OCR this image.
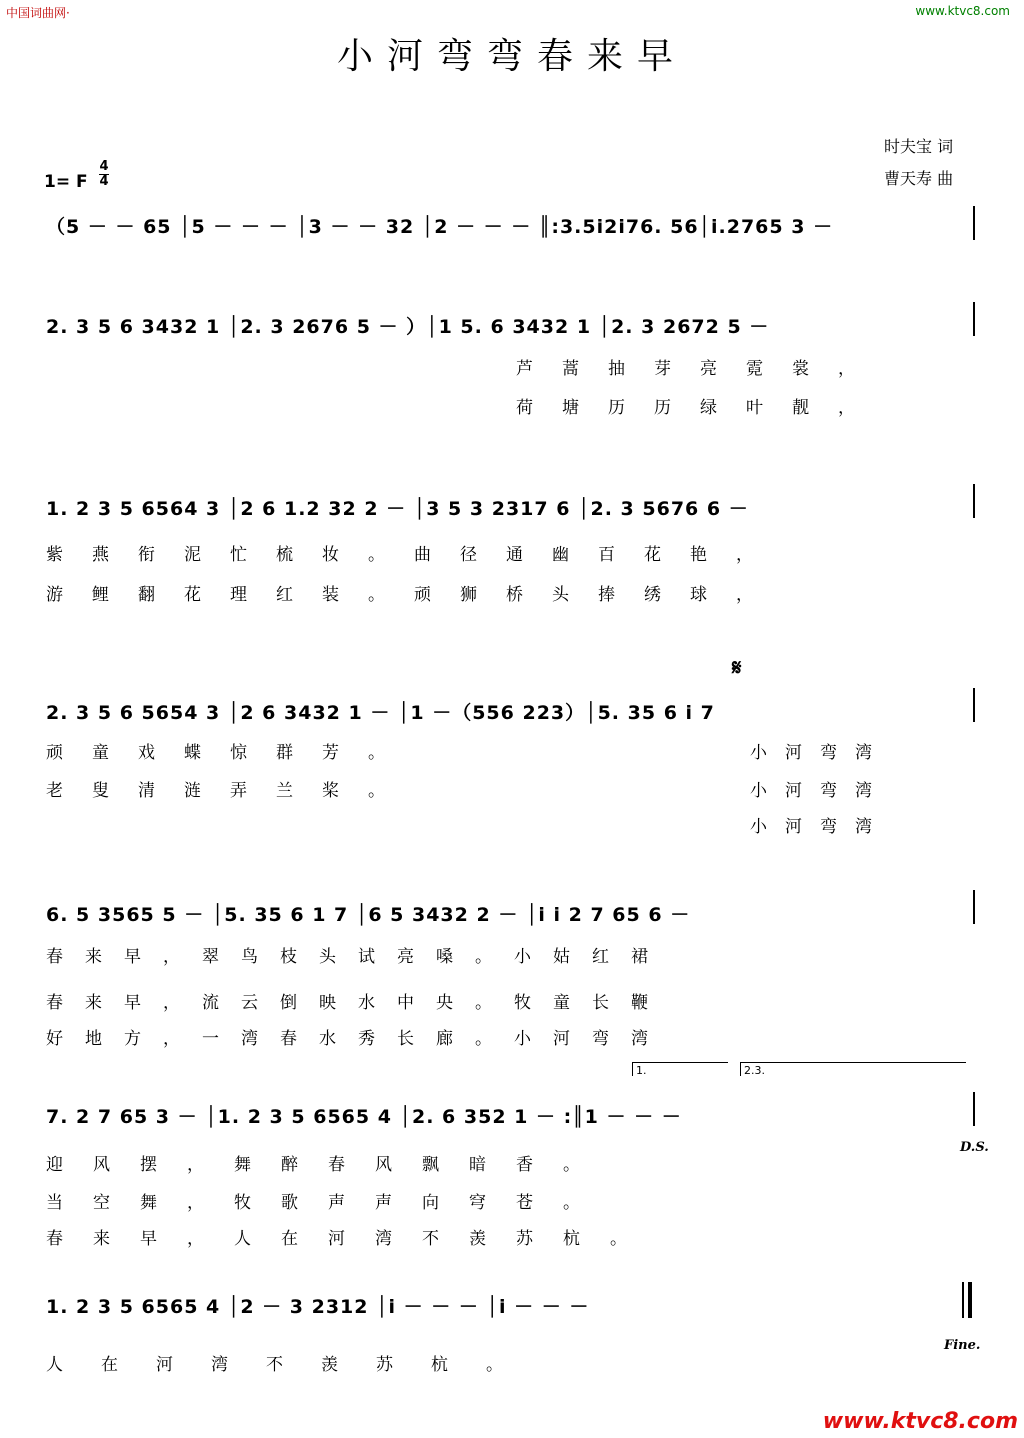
中国词曲网·	www.ktvc8.com
小河弯弯春来早
时夫宝 词
曹天寿 曲
1= F
4
4
（5 － － 65 │5 － － － │3 － － 32 │2 － － － ║:3.5i2i76. 56│i.2765 3 －
2. 3 5 6 3432 1 │2. 3 2676 5 － ）│1 5. 6 3432 1 │2. 3 2672 5 －
芦蒿抽芽亮霓裳，
荷塘历历绿叶靓，
1. 2 3 5 6564 3 │2 6 1.2 32 2 － │3 5 3 2317 6 │2. 3 5676 6 －
紫燕衔泥忙梳妆。曲径通幽百花艳，
游鲤翻花理红装。顽狮桥头捧绣球，
𝄋
2. 3 5 6 5654 3 │2 6 3432 1 － │1 －（556 223）│5. 35 6 i 7
顽童戏蝶惊群芳。
老叟清涟弄兰桨。
小河弯湾
小河弯湾
小河弯湾
6. 5 3565 5 － │5. 35 6 1 7 │6 5 3432 2 － │i i 2 7 65 6 －
春来早，翠鸟枝头试亮嗓。小姑红裙
春来早，流云倒映水中央。牧童长鞭
好地方，一湾春水秀长廊。小河弯湾
1.	2.3.
7. 2 7 65 3 － │1. 2 3 5 6565 4 │2. 6 352 1 － :║1 － － －
D.S.
迎风摆，舞醉春风飘暗香。
当空舞，牧歌声声向穹苍。
春来早，人在河湾不羡苏杭。
1. 2 3 5 6565 4 │2 － 3 2312 │i － － － │i － － －
Fine.
人在河湾不羡苏杭。
www.ktvc8.com
